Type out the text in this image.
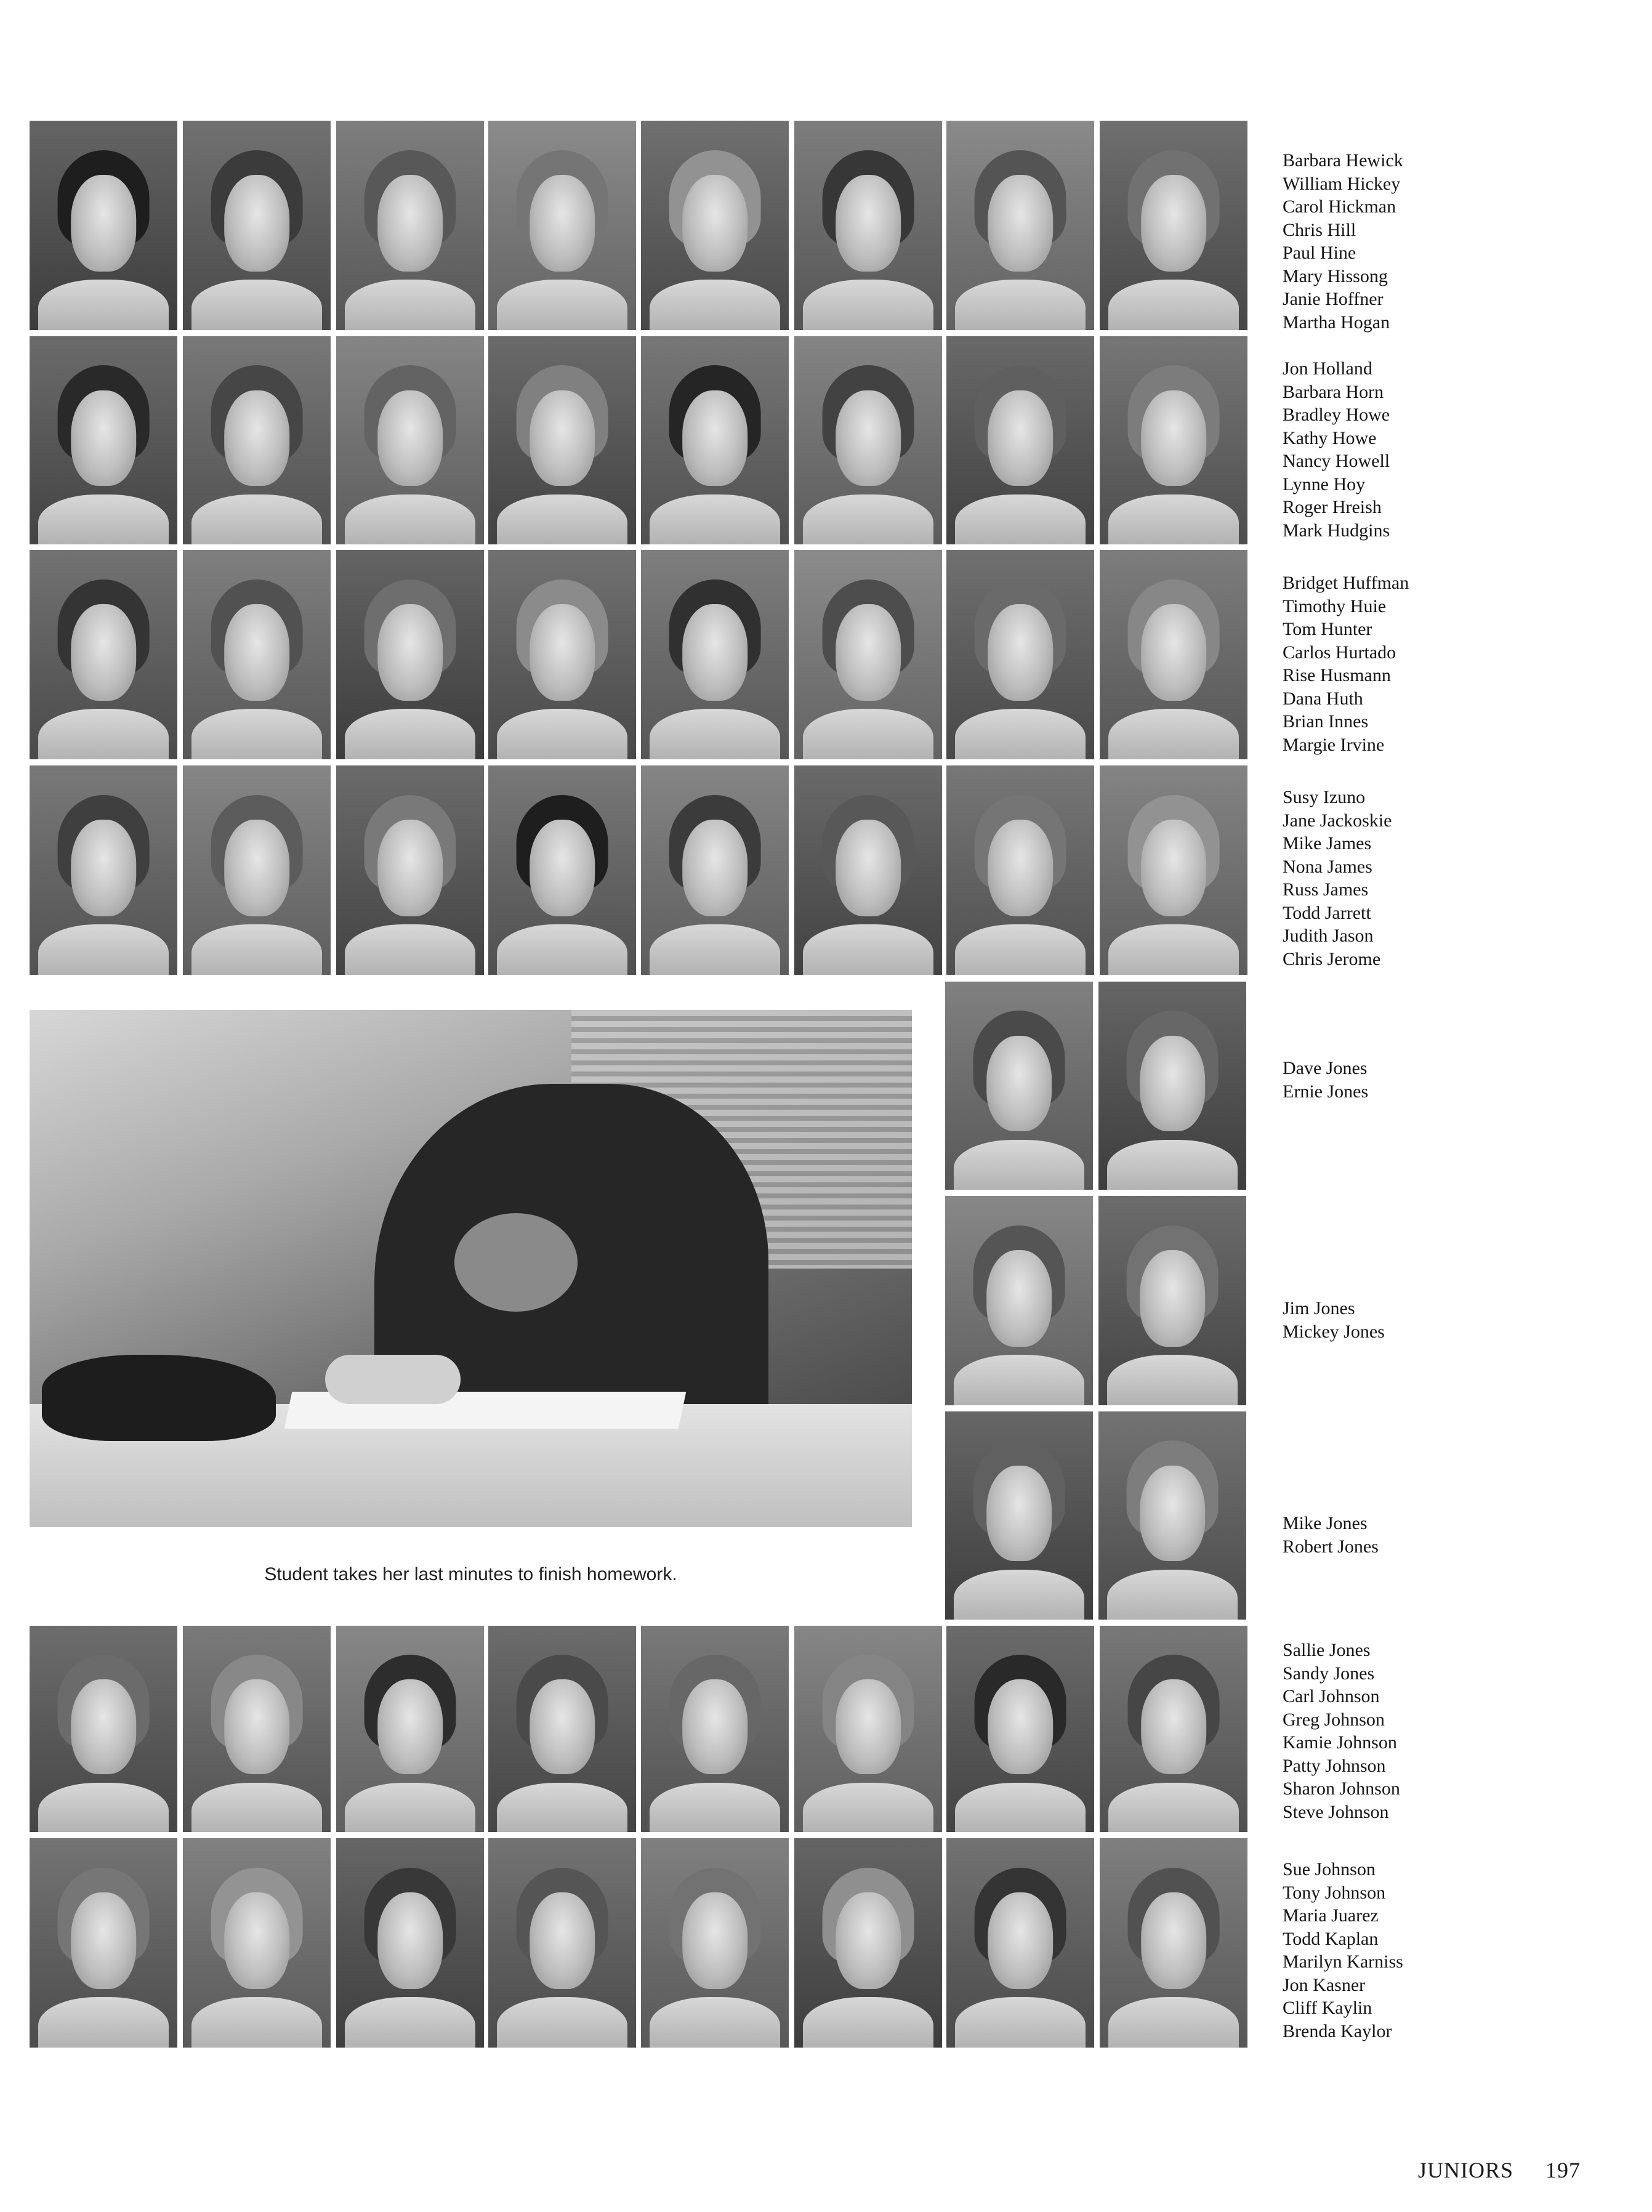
Student takes her last minutes to finish homework.
Barbara Hewick
William Hickey
Carol Hickman
Chris Hill
Paul Hine
Mary Hissong
Janie Hoffner
Martha Hogan
Jon Holland
Barbara Horn
Bradley Howe
Kathy Howe
Nancy Howell
Lynne Hoy
Roger Hreish
Mark Hudgins
Bridget Huffman
Timothy Huie
Tom Hunter
Carlos Hurtado
Rise Husmann
Dana Huth
Brian Innes
Margie Irvine
Susy Izuno
Jane Jackoskie
Mike James
Nona James
Russ James
Todd Jarrett
Judith Jason
Chris Jerome
Dave Jones
Ernie Jones
Jim Jones
Mickey Jones
Mike Jones
Robert Jones
Sallie Jones
Sandy Jones
Carl Johnson
Greg Johnson
Kamie Johnson
Patty Johnson
Sharon Johnson
Steve Johnson
Sue Johnson
Tony Johnson
Maria Juarez
Todd Kaplan
Marilyn Karniss
Jon Kasner
Cliff Kaylin
Brenda Kaylor
JUNIORS 197
